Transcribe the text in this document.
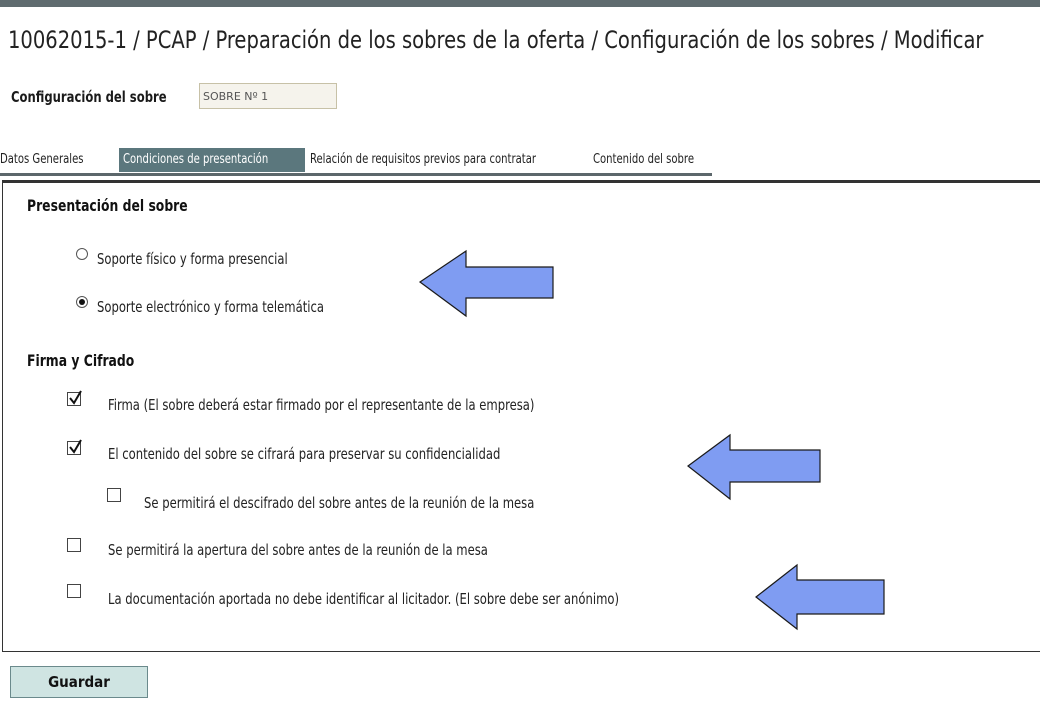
10062015-1 / PCAP / Preparación de los sobres de la oferta / Configuración de los sobres / Modificar
Configuración del sobre	SOBRE Nº 1
Datos Generales	Condiciones de presentación	Relación de requisitos previos para contratar	Contenido del sobre
Presentación del sobre
Soporte físico y forma presencial
Soporte electrónico y forma telemática
Firma y Cifrado
Firma (El sobre deberá estar firmado por el representante de la empresa)
El contenido del sobre se cifrará para preservar su confidencialidad
Se permitirá el descifrado del sobre antes de la reunión de la mesa
Se permitirá la apertura del sobre antes de la reunión de la mesa
La documentación aportada no debe identificar al licitador. (El sobre debe ser anónimo)
Guardar
